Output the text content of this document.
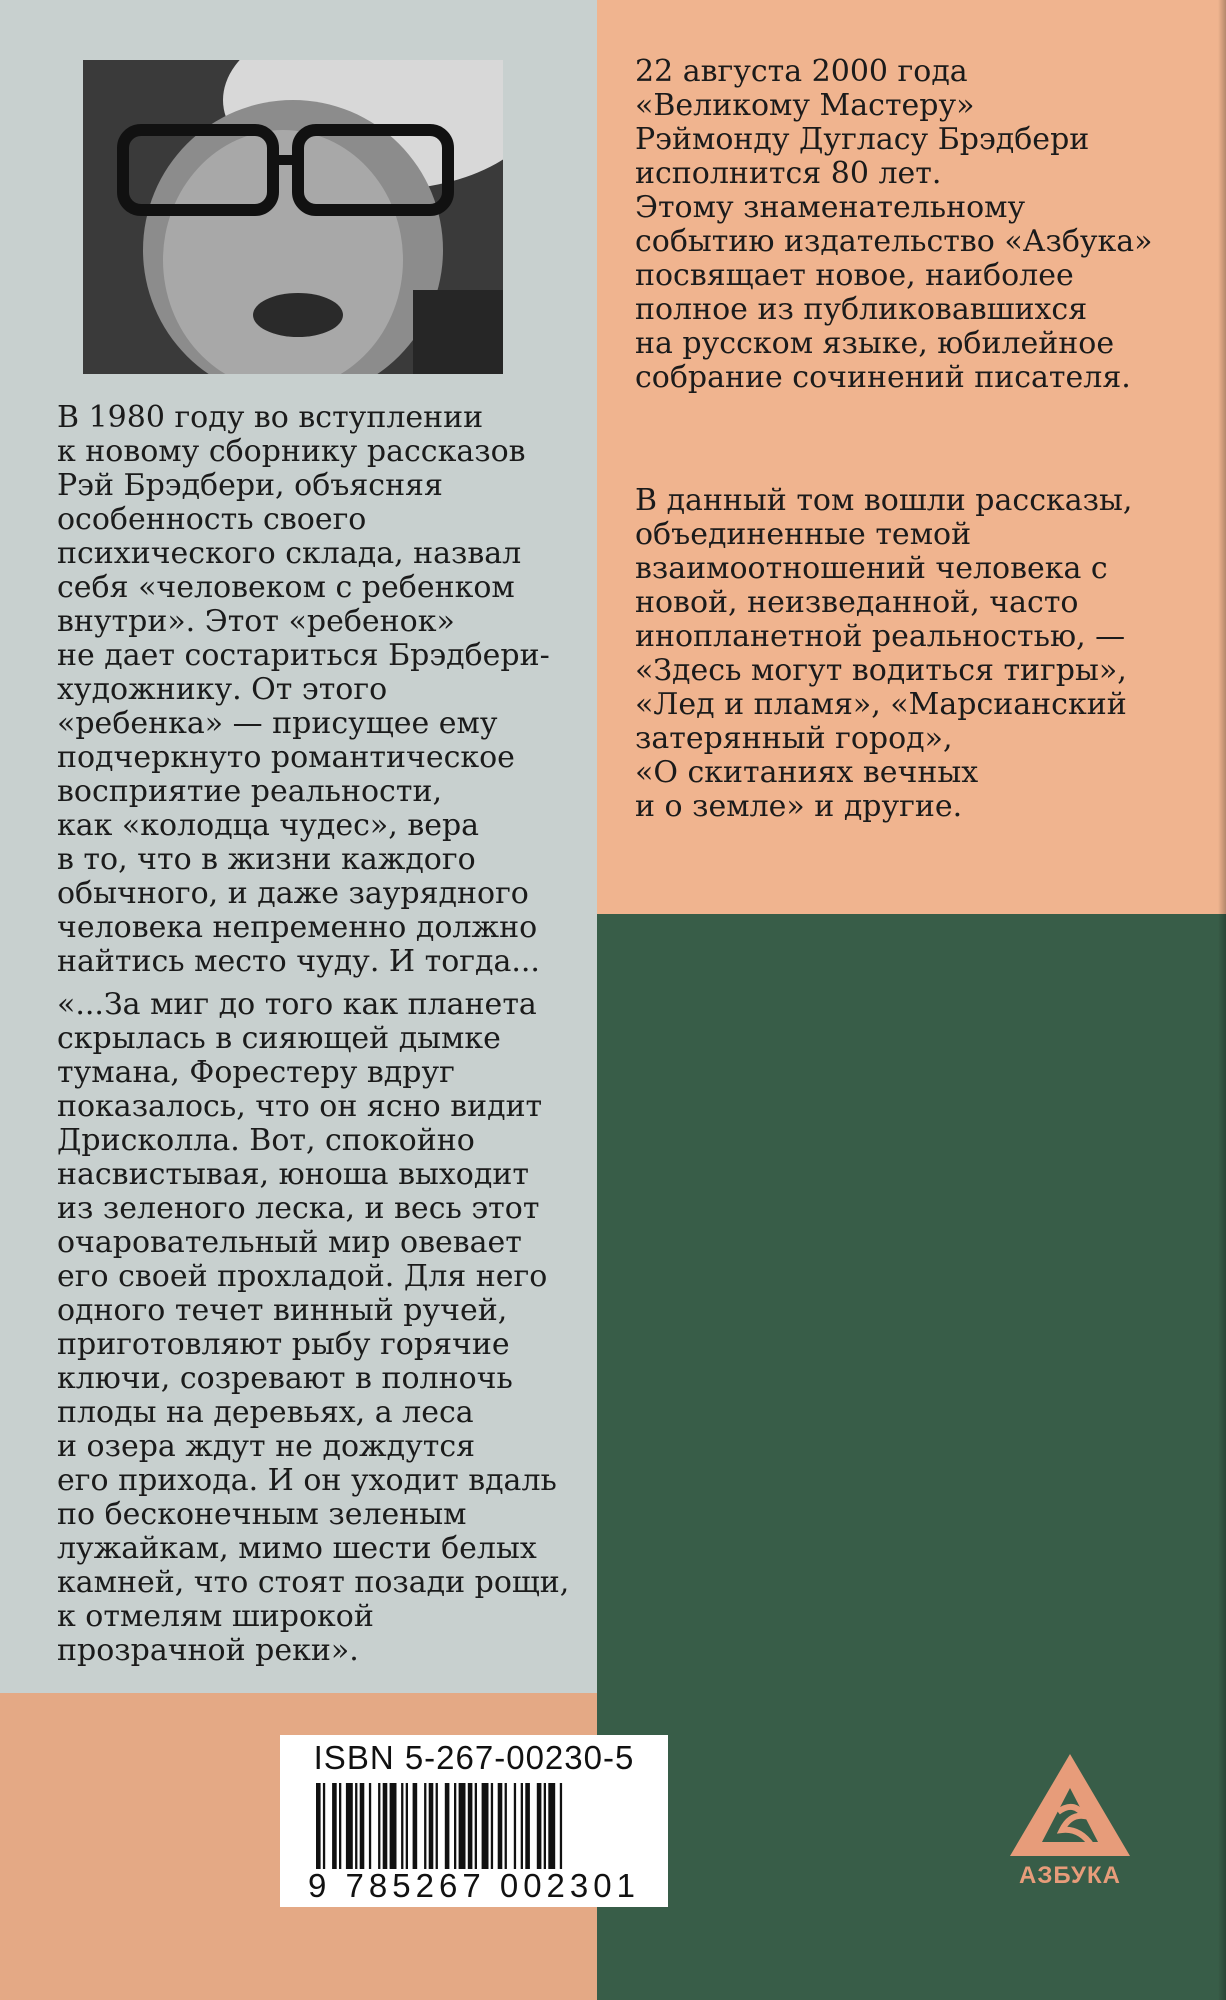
В 1980 году во вступлении
к новому сборнику рассказов
Рэй Брэдбери, объясняя
особенность своего
психического склада, назвал
себя «человеком с ребенком
внутри». Этот «ребенок»
не дает состариться Брэдбери-
художнику. От этого
«ребенка» — присущее ему
подчеркнуто романтическое
восприятие реальности,
как «колодца чудес», вера
в то, что в жизни каждого
обычного, и даже заурядного
человека непременно должно
найтись место чуду. И тогда...

«...За миг до того как планета
скрылась в сияющей дымке
тумана, Форестеру вдруг
показалось, что он ясно видит
Дрисколла. Вот, спокойно
насвистывая, юноша выходит
из зеленого леска, и весь этот
очаровательный мир овевает
его своей прохладой. Для него
одного течет винный ручей,
приготовляют рыбу горячие
ключи, созревают в полночь
плоды на деревьях, а леса
и озера ждут не дождутся
его прихода. И он уходит вдаль
по бесконечным зеленым
лужайкам, мимо шести белых
камней, что стоят позади рощи,
к отмелям широкой
прозрачной реки».

22 августа 2000 года
«Великому Мастеру»
Рэймонду Дугласу Брэдбери
исполнится 80 лет.
Этому знаменательному
событию издательство «Азбука»
посвящает новое, наиболее
полное из публиковавшихся
на русском языке, юбилейное
собрание сочинений писателя.

В данный том вошли рассказы,
объединенные темой
взаимоотношений человека с
новой, неизведанной, часто
инопланетной реальностью, —
«Здесь могут водиться тигры»,
«Лед и пламя», «Марсианский
затерянный город»,
«О скитаниях вечных
и о земле» и другие.

ISBN 5-267-00230-5
9 785267 002301	АЗБУКА
